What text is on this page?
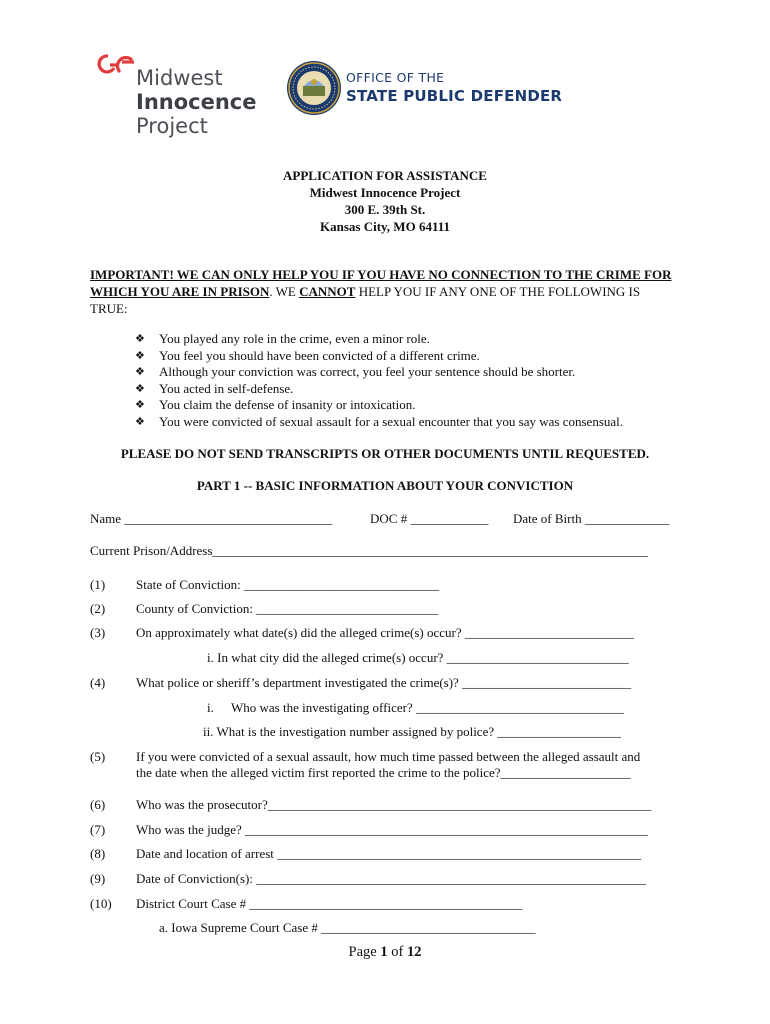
Midwest
Innocence
Project
OFFICE OF THE
STATE PUBLIC DEFENDER
APPLICATION FOR ASSISTANCE
Midwest Innocence Project
300 E. 39th St.
Kansas City, MO 64111
IMPORTANT! WE CAN ONLY HELP YOU IF YOU HAVE NO CONNECTION TO THE CRIME FOR WHICH YOU ARE IN PRISON. WE CANNOT HELP YOU IF ANY ONE OF THE FOLLOWING IS TRUE:
❖ You played any role in the crime, even a minor role.
❖ You feel you should have been convicted of a different crime.
❖ Although your conviction was correct, you feel your sentence should be shorter.
❖ You acted in self-defense.
❖ You claim the defense of insanity or intoxication.
❖ You were convicted of sexual assault for a sexual encounter that you say was consensual.
PLEASE DO NOT SEND TRANSCRIPTS OR OTHER DOCUMENTS UNTIL REQUESTED.
PART 1 -- BASIC INFORMATION ABOUT YOUR CONVICTION
Name ________________________________	DOC # ____________ Date of Birth _____________
Current Prison/Address___________________________________________________________________
(1) State of Conviction: ______________________________
(2) County of Conviction: ____________________________
(3) On approximately what date(s) did the alleged crime(s) occur? __________________________
i. In what city did the alleged crime(s) occur? ____________________________
(4) What police or sheriff’s department investigated the crime(s)? __________________________
i. Who was the investigating officer? ________________________________
ii. What is the investigation number assigned by police? ___________________
(5) If you were convicted of a sexual assault, how much time passed between the alleged assault and
the date when the alleged victim first reported the crime to the police?____________________
(6) Who was the prosecutor?___________________________________________________________
(7) Who was the judge? ______________________________________________________________
(8) Date and location of arrest ________________________________________________________
(9) Date of Conviction(s): ____________________________________________________________
(10) District Court Case # __________________________________________
a. Iowa Supreme Court Case # _________________________________
Page 1 of 12
